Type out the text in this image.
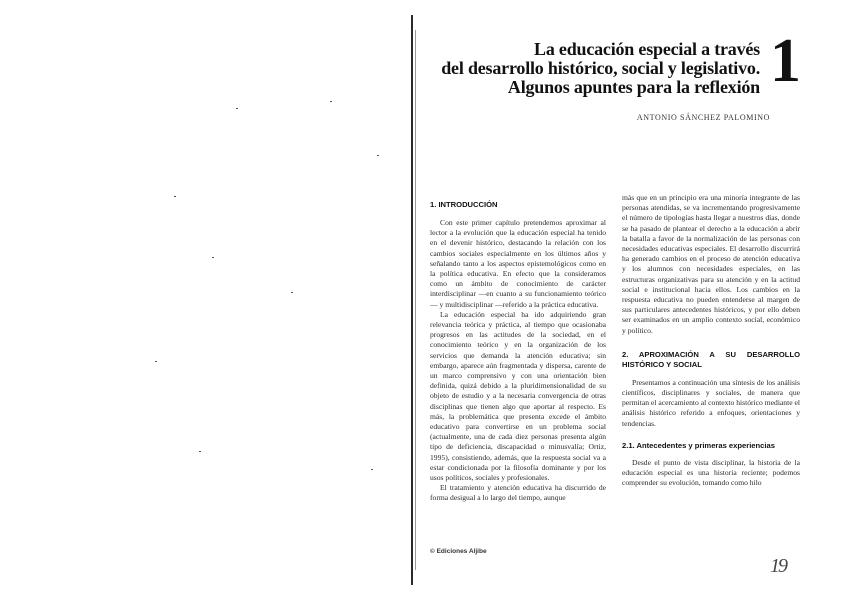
La educación especial a través
del desarrollo histórico, social y legislativo.
Algunos apuntes para la reflexión 1
ANTONIO SÁNCHEZ PALOMINO
1. INTRODUCCIÓN

Con este primer capítulo pretendemos aproximar al lector a la evolución que la educación especial ha tenido en el devenir histórico, destacando la relación con los cambios sociales especialmente en los últimos años y señalando tanto a los aspectos epistemológicos como en la política educativa. En efecto que la consideramos como un ámbito de conocimiento de carácter interdisciplinar —en cuanto a su funcionamiento teórico— y multidisciplinar —referido a la práctica educativa.

La educación especial ha ido adquiriendo gran relevancia teórica y práctica, al tiempo que ocasionaba progresos en las actitudes de la sociedad, en el conocimiento teórico y en la organización de los servicios que demanda la atención educativa; sin embargo, aparece aún fragmentada y dispersa, carente de un marco comprensivo y con una orientación bien definida, quizá debido a la pluridimensionalidad de su objeto de estudio y a la necesaria convergencia de otras disciplinas que tienen algo que aportar al respecto. Es más, la problemática que presenta excede el ámbito educativo para convertirse en un problema social (actualmente, una de cada diez personas presenta algún tipo de deficiencia, discapacidad o minusvalía; Ortiz, 1995), consistiendo, además, que la respuesta social va a estar condicionada por la filosofía dominante y por los usos políticos, sociales y profesionales.

El tratamiento y atención educativa ha discurrido de forma desigual a lo largo del tiempo, aunque

más que en un principio era una minoría integrante de las personas atendidas, se va incrementando progresivamente el número de tipologías hasta llegar a nuestros días, donde se ha pasado de plantear el derecho a la educación a abrir la batalla a favor de la normalización de las personas con necesidades educativas especiales. El desarrollo discurrirá ha generado cambios en el proceso de atención educativa y los alumnos con necesidades especiales, en las estructuras organizativas para su atención y en la actitud social e institucional hacia ellos. Los cambios en la respuesta educativa no pueden entenderse al margen de sus particulares antecedentes históricos, y por ello deben ser examinados en un amplio contexto social, económico y político.

2. APROXIMACIÓN A SU DESARROLLO HISTÓRICO Y SOCIAL

Presentamos a continuación una síntesis de los análisis científicos, disciplinares y sociales, de manera que permitan el acercamiento al contexto histórico mediante el análisis histórico referido a enfoques, orientaciones y tendencias.

2.1. Antecedentes y primeras experiencias

Desde el punto de vista disciplinar, la historia de la educación especial es una historia reciente; podemos comprender su evolución, tomando como hilo

© Ediciones Aljibe
19
